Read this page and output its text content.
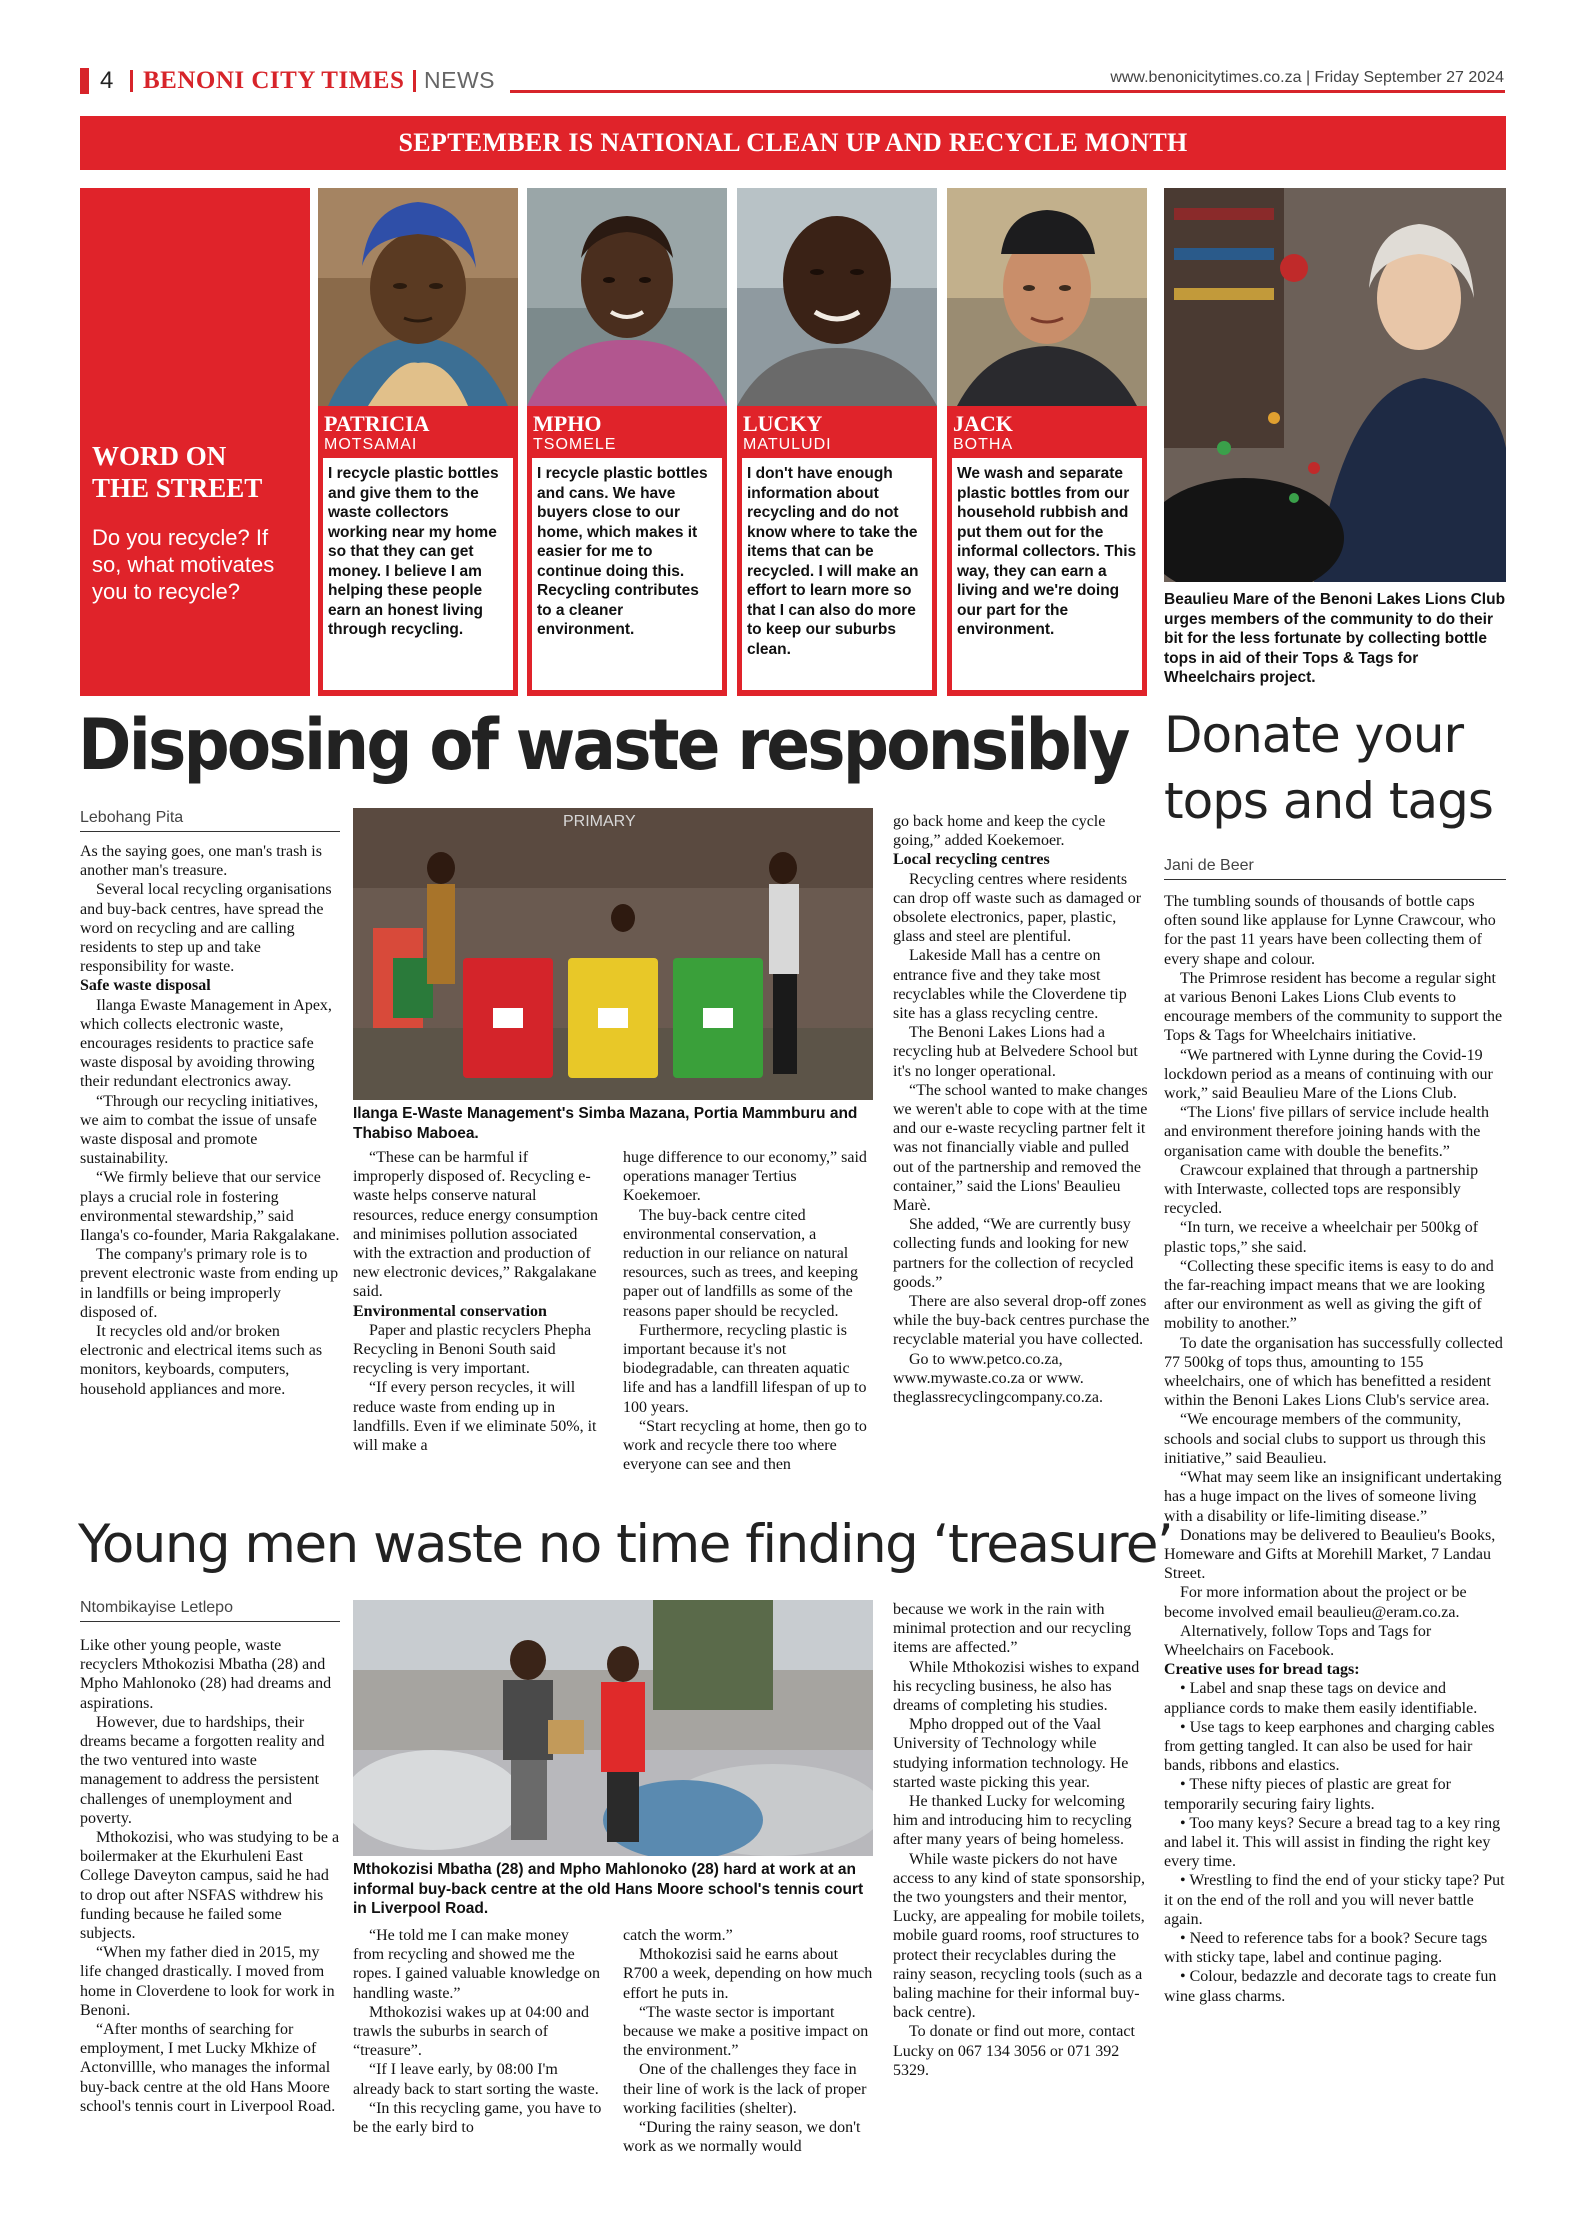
4 BENONI CITY TIMES NEWS	www.benonicitytimes.co.za | Friday September 27 2024
SEPTEMBER IS NATIONAL CLEAN UP AND RECYCLE MONTH
WORD ON
THE STREET
Do you recycle? If so, what motivates you to recycle?
PATRICIA
MOTSAMAI
I recycle plastic bottles and give them to the waste collectors working near my home so that they can get money. I believe I am helping these people earn an honest living through recycling.
MPHO
TSOMELE
I recycle plastic bottles and cans. We have buyers close to our home, which makes it easier for me to continue doing this. Recycling contributes to a cleaner environment.
LUCKY
MATULUDI
I don't have enough information about recycling and do not know where to take the items that can be recycled. I will make an effort to learn more so that I can also do more to keep our suburbs clean.
JACK
BOTHA
We wash and separate plastic bottles from our household rubbish and put them out for the informal collectors. This way, they can earn a living and we're doing our part for the environment.
Beaulieu Mare of the Benoni Lakes Lions Club urges members of the community to do their bit for the less fortunate by collecting bottle tops in aid of their Tops & Tags for Wheelchairs project.
Disposing of waste responsibly
Lebohang Pita

As the saying goes, one man's trash is another man's treasure.

Several local recycling organisations and buy-back centres, have spread the word on recycling and are calling residents to step up and take responsibility for waste.

Safe waste disposal

Ilanga Ewaste Management in Apex, which collects electronic waste, encourages residents to practice safe waste disposal by avoiding throwing their redundant electronics away.

“Through our recycling initiatives, we aim to combat the issue of unsafe waste disposal and promote sustainability.

“We firmly believe that our service plays a crucial role in fostering environmental stewardship,” said Ilanga's co-founder, Maria Rakgalakane.

The company's primary role is to prevent electronic waste from ending up in landfills or being improperly disposed of.

It recycles old and/or broken electronic and electrical items such as monitors, keyboards, computers, household appliances and more.

PRIMARY
Ilanga E-Waste Management's Simba Mazana, Portia Mammburu and Thabiso Maboea.

“These can be harmful if improperly disposed of. Recycling e-waste helps conserve natural resources, reduce energy consumption and minimises pollution associated with the extraction and production of new electronic devices,” Rakgalakane said.

Environmental conservation

Paper and plastic recyclers Phepha Recycling in Benoni South said recycling is very important.

“If every person recycles, it will reduce waste from ending up in landfills. Even if we eliminate 50%, it will make a

huge difference to our economy,” said operations manager Tertius Koekemoer.

The buy-back centre cited environmental conservation, a reduction in our reliance on natural resources, such as trees, and keeping paper out of landfills as some of the reasons paper should be recycled.

Furthermore, recycling plastic is important because it's not biodegradable, can threaten aquatic life and has a landfill lifespan of up to 100 years.

“Start recycling at home, then go to work and recycle there too where everyone can see and then

go back home and keep the cycle going,” added Koekemoer.

Local recycling centres

Recycling centres where residents can drop off waste such as damaged or obsolete electronics, paper, plastic, glass and steel are plentiful.

Lakeside Mall has a centre on entrance five and they take most recyclables while the Cloverdene tip site has a glass recycling centre.

The Benoni Lakes Lions had a recycling hub at Belvedere School but it's no longer operational.

“The school wanted to make changes we weren't able to cope with at the time and our e-waste recycling partner felt it was not financially viable and pulled out of the partnership and removed the container,” said the Lions' Beaulieu Marè.

She added, “We are currently busy collecting funds and looking for new partners for the collection of recycled goods.”

There are also several drop-off zones while the buy-back centres purchase the recyclable material you have collected.

Go to www.petco.co.za, www.mywaste.co.za or www. theglassrecyclingcompany.co.za.

Donate your tops and tags
Jani de Beer

The tumbling sounds of thousands of bottle caps often sound like applause for Lynne Crawcour, who for the past 11 years have been collecting them of every shape and colour.

The Primrose resident has become a regular sight at various Benoni Lakes Lions Club events to encourage members of the community to support the Tops & Tags for Wheelchairs initiative.

“We partnered with Lynne during the Covid-19 lockdown period as a means of continuing with our work,” said Beaulieu Mare of the Lions Club.

“The Lions' five pillars of service include health and environment therefore joining hands with the organisation came with double the benefits.”

Crawcour explained that through a partnership with Interwaste, collected tops are responsibly recycled.

“In turn, we receive a wheelchair per 500kg of plastic tops,” she said.

“Collecting these specific items is easy to do and the far-reaching impact means that we are looking after our environment as well as giving the gift of mobility to another.”

To date the organisation has successfully collected 77 500kg of tops thus, amounting to 155 wheelchairs, one of which has benefitted a resident within the Benoni Lakes Lions Club's service area.

“We encourage members of the community, schools and social clubs to support us through this initiative,” said Beaulieu.

“What may seem like an insignificant undertaking has a huge impact on the lives of someone living with a disability or life-limiting disease.”

Donations may be delivered to Beaulieu's Books, Homeware and Gifts at Morehill Market, 7 Landau Street.

For more information about the project or be become involved email beaulieu@eram.co.za.

Alternatively, follow Tops and Tags for Wheelchairs on Facebook.

Creative uses for bread tags:

• Label and snap these tags on device and appliance cords to make them easily identifiable.

• Use tags to keep earphones and charging cables from getting tangled. It can also be used for hair bands, ribbons and elastics.

• These nifty pieces of plastic are great for temporarily securing fairy lights.

• Too many keys? Secure a bread tag to a key ring and label it. This will assist in finding the right key every time.

• Wrestling to find the end of your sticky tape? Put it on the end of the roll and you will never battle again.

• Need to reference tabs for a book? Secure tags with sticky tape, label and continue paging.

• Colour, bedazzle and decorate tags to create fun wine glass charms.

Young men waste no time finding ‘treasure’
Ntombikayise Letlepo

Like other young people, waste recyclers Mthokozisi Mbatha (28) and Mpho Mahlonoko (28) had dreams and aspirations.

However, due to hardships, their dreams became a forgotten reality and the two ventured into waste management to address the persistent challenges of unemployment and poverty.

Mthokozisi, who was studying to be a boilermaker at the Ekurhuleni East College Daveyton campus, said he had to drop out after NSFAS withdrew his funding because he failed some subjects.

“When my father died in 2015, my life changed drastically. I moved from home in Cloverdene to look for work in Benoni.

“After months of searching for employment, I met Lucky Mkhize of Actonvillle, who manages the informal buy-back centre at the old Hans Moore school's tennis court in Liverpool Road.

Mthokozisi Mbatha (28) and Mpho Mahlonoko (28) hard at work at an informal buy-back centre at the old Hans Moore school's tennis court in Liverpool Road.

“He told me I can make money from recycling and showed me the ropes. I gained valuable knowledge on handling waste.”

Mthokozisi wakes up at 04:00 and trawls the suburbs in search of “treasure”.

“If I leave early, by 08:00 I'm already back to start sorting the waste.

“In this recycling game, you have to be the early bird to

catch the worm.”

Mthokozisi said he earns about R700 a week, depending on how much effort he puts in.

“The waste sector is important because we make a positive impact on the environment.”

One of the challenges they face in their line of work is the lack of proper working facilities (shelter).

“During the rainy season, we don't work as we normally would

because we work in the rain with minimal protection and our recycling items are affected.”

While Mthokozisi wishes to expand his recycling business, he also has dreams of completing his studies.

Mpho dropped out of the Vaal University of Technology while studying information technology. He started waste picking this year.

He thanked Lucky for welcoming him and introducing him to recycling after many years of being homeless.

While waste pickers do not have access to any kind of state sponsorship, the two youngsters and their mentor, Lucky, are appealing for mobile toilets, mobile guard rooms, roof structures to protect their recyclables during the rainy season, recycling tools (such as a baling machine for their informal buy-back centre).

To donate or find out more, contact Lucky on 067 134 3056 or 071 392 5329.
